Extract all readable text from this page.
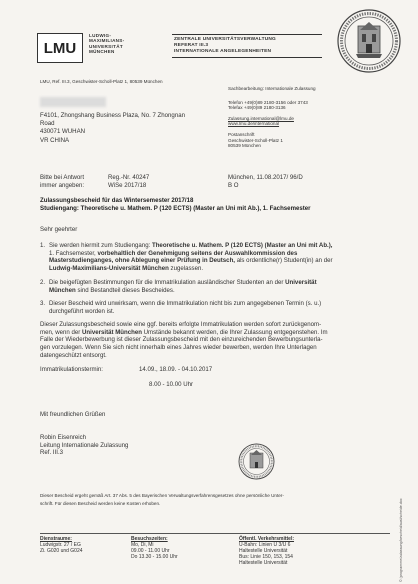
LMU
LUDWIG-
MAXIMILIANS-
UNIVERSITÄT
MÜNCHEN
ZENTRALE UNIVERSITÄTSVERWALTUNG
REFERAT III.3
INTERNATIONALE ANGELEGENHEITEN
LMU, Ref. III.3, Geschwister-Scholl-Platz 1, 80539 München
F4101, Zhongshang Business Plaza, No. 7 Zhongnan
Road
430071 WUHAN
VR CHINA
Sachbearbeitung: Internationale Zulassung
Telefon +49(0)89 2180-3156 oder 3743
Telefax +49(0)89 2180-3136
Zulassung.international@lmu.de
www.lmu.de/international
Postanschrift
Geschwister-Scholl-Platz 1
80539 München
Bitte bei Antwort
immer angeben:
Reg.-Nr. 40247
WiSe 2017/18
München, 11.08.2017/ 96/D
B O
Zulassungsbescheid für das Wintersemester 2017/18
Studiengang: Theoretische u. Mathem. P (120 ECTS) (Master an Uni mit Ab.), 1. Fachsemester
Sehr geehrter
1. Sie werden hiermit zum Studiengang: Theoretische u. Mathem. P (120 ECTS) (Master an Uni mit Ab.),
1. Fachsemester, vorbehaltlich der Genehmigung seitens der Auswahlkommission des
Masterstudienganges, ohne Ablegung einer Prüfung in Deutsch, als ordentliche(r) Student(in) an der
Ludwig-Maximilians-Universität München zugelassen.
2. Die beigefügten Bestimmungen für die Immatrikulation ausländischer Studenten an der Universität
München sind Bestandteil dieses Bescheides.
3. Dieser Bescheid wird unwirksam, wenn die Immatrikulation nicht bis zum angegebenen Termin (s. u.)
durchgeführt worden ist.
Dieser Zulassungsbescheid sowie eine ggf. bereits erfolgte Immatrikulation werden sofort zurückgenom-
men, wenn der Universität München Umstände bekannt werden, die Ihrer Zulassung entgegenstehen. Im
Falle der Wiederbewerbung ist dieser Zulassungsbescheid mit den einzureichenden Bewerbungsunterla-
gen vorzulegen. Wenn Sie sich nicht innerhalb eines Jahres wieder bewerben, werden Ihre Unterlagen
datengeschützt entsorgt.
Immatrikulationstermin:	14.09., 18.09. - 04.10.2017
8.00 - 10.00 Uhr
Mit freundlichen Grüßen
Robin Eisenreich
Leitung Internationale Zulassung
Ref. III.3
Dieser Bescheid ergeht gemäß Art. 37 Abs. 5 des Bayerischen Verwaltungsverfahrensgesetzes ohne persönliche Unter-
schrift. Für diesen Bescheid werden keine Kosten erhoben.
Dienstraume:
Ludwigstr. 27 / EG
Zi. G020 und G024
Besuchszeiten:
Mo, Di, Mi
09.00 - 11.00 Uhr
Do 13.30 - 15.00 Uhr
Öffentl. Verkehrsmittel:
U-Bahn: Linien U 3/U 6
Haltestelle Universität
Bus: Linie 150, 153, 154
Haltestelle Universität	© (programme/zulassung/bescheid/ausl/scheide.doc
